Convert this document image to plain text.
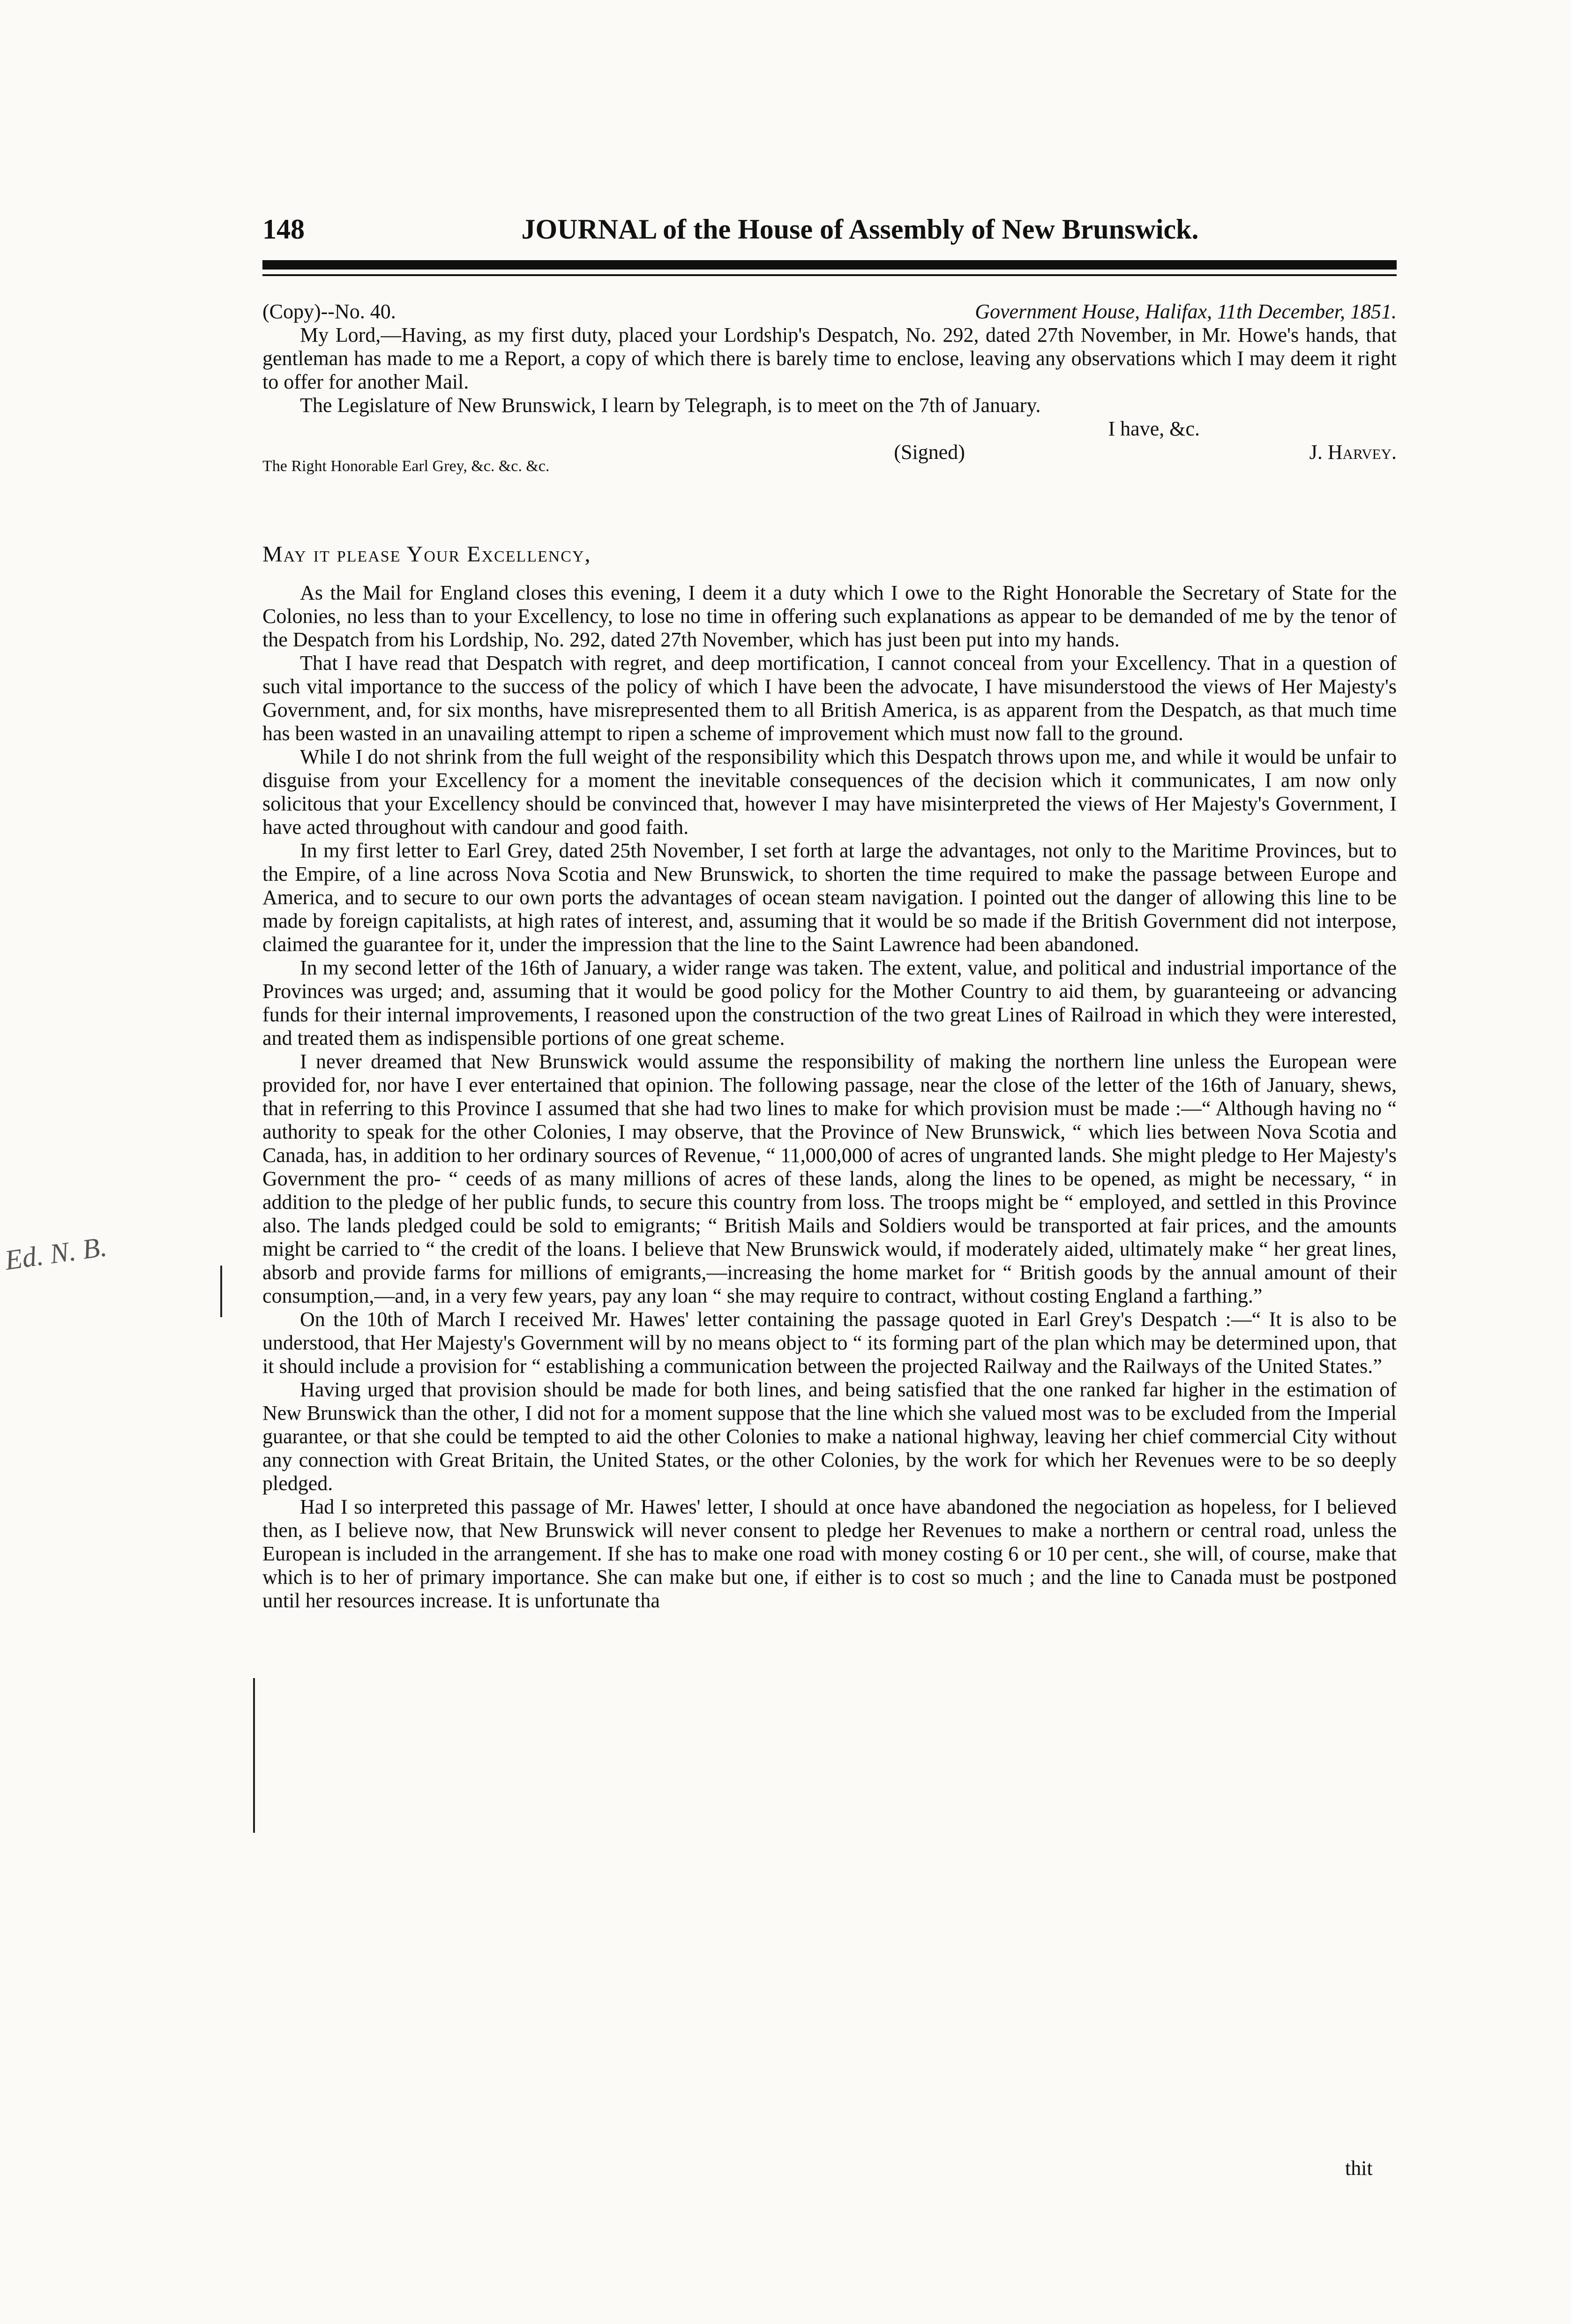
148	JOURNAL of the House of Assembly of New Brunswick.
(Copy)--No. 40.	Government House, Halifax, 11th December, 1851.

My Lord,—Having, as my first duty, placed your Lordship's Despatch, No. 292, dated 27th November, in Mr. Howe's hands, that gentleman has made to me a Report, a copy of which there is barely time to enclose, leaving any observations which I may deem it right to offer for another Mail.

The Legislature of New Brunswick, I learn by Telegraph, is to meet on the 7th of January.

I have, &c.
The Right Honorable Earl Grey, &c. &c. &c.
(Signed)	J. Harvey.
May it please Your Excellency,

As the Mail for England closes this evening, I deem it a duty which I owe to the Right Honorable the Secretary of State for the Colonies, no less than to your Excellency, to lose no time in offering such explanations as appear to be demanded of me by the tenor of the Despatch from his Lordship, No. 292, dated 27th November, which has just been put into my hands.

That I have read that Despatch with regret, and deep mortification, I cannot conceal from your Excellency. That in a question of such vital importance to the success of the policy of which I have been the advocate, I have misunderstood the views of Her Majesty's Government, and, for six months, have misrepresented them to all British America, is as apparent from the Despatch, as that much time has been wasted in an unavailing attempt to ripen a scheme of improvement which must now fall to the ground.

While I do not shrink from the full weight of the responsibility which this Despatch throws upon me, and while it would be unfair to disguise from your Excellency for a moment the inevitable consequences of the decision which it communicates, I am now only solicitous that your Excellency should be convinced that, however I may have misinterpreted the views of Her Majesty's Government, I have acted throughout with candour and good faith.

In my first letter to Earl Grey, dated 25th November, I set forth at large the advantages, not only to the Maritime Provinces, but to the Empire, of a line across Nova Scotia and New Brunswick, to shorten the time required to make the passage between Europe and America, and to secure to our own ports the advantages of ocean steam navigation. I pointed out the danger of allowing this line to be made by foreign capitalists, at high rates of interest, and, assuming that it would be so made if the British Government did not interpose, claimed the guarantee for it, under the impression that the line to the Saint Lawrence had been abandoned.

In my second letter of the 16th of January, a wider range was taken. The extent, value, and political and industrial importance of the Provinces was urged; and, assuming that it would be good policy for the Mother Country to aid them, by guaranteeing or advancing funds for their internal improvements, I reasoned upon the construction of the two great Lines of Railroad in which they were interested, and treated them as indispensible portions of one great scheme.

I never dreamed that New Brunswick would assume the responsibility of making the northern line unless the European were provided for, nor have I ever entertained that opinion. The following passage, near the close of the letter of the 16th of January, shews, that in referring to this Province I assumed that she had two lines to make for which provision must be made :—“ Although having no “ authority to speak for the other Colonies, I may observe, that the Province of New Brunswick, “ which lies between Nova Scotia and Canada, has, in addition to her ordinary sources of Revenue, “ 11,000,000 of acres of ungranted lands. She might pledge to Her Majesty's Government the pro- “ ceeds of as many millions of acres of these lands, along the lines to be opened, as might be necessary, “ in addition to the pledge of her public funds, to secure this country from loss. The troops might be “ employed, and settled in this Province also. The lands pledged could be sold to emigrants; “ British Mails and Soldiers would be transported at fair prices, and the amounts might be carried to “ the credit of the loans. I believe that New Brunswick would, if moderately aided, ultimately make “ her great lines, absorb and provide farms for millions of emigrants,—increasing the home market for “ British goods by the annual amount of their consumption,—and, in a very few years, pay any loan “ she may require to contract, without costing England a farthing.”

On the 10th of March I received Mr. Hawes' letter containing the passage quoted in Earl Grey's Despatch :—“ It is also to be understood, that Her Majesty's Government will by no means object to “ its forming part of the plan which may be determined upon, that it should include a provision for “ establishing a communication between the projected Railway and the Railways of the United States.”

Having urged that provision should be made for both lines, and being satisfied that the one ranked far higher in the estimation of New Brunswick than the other, I did not for a moment suppose that the line which she valued most was to be excluded from the Imperial guarantee, or that she could be tempted to aid the other Colonies to make a national highway, leaving her chief commercial City without any connection with Great Britain, the United States, or the other Colonies, by the work for which her Revenues were to be so deeply pledged.

Had I so interpreted this passage of Mr. Hawes' letter, I should at once have abandoned the negociation as hopeless, for I believed then, as I believe now, that New Brunswick will never consent to pledge her Revenues to make a northern or central road, unless the European is included in the arrangement. If she has to make one road with money costing 6 or 10 per cent., she will, of course, make that which is to her of primary importance. She can make but one, if either is to cost so much ; and the line to Canada must be postponed until her resources increase. It is unfortunate tha

thit
Ed. N. B.
